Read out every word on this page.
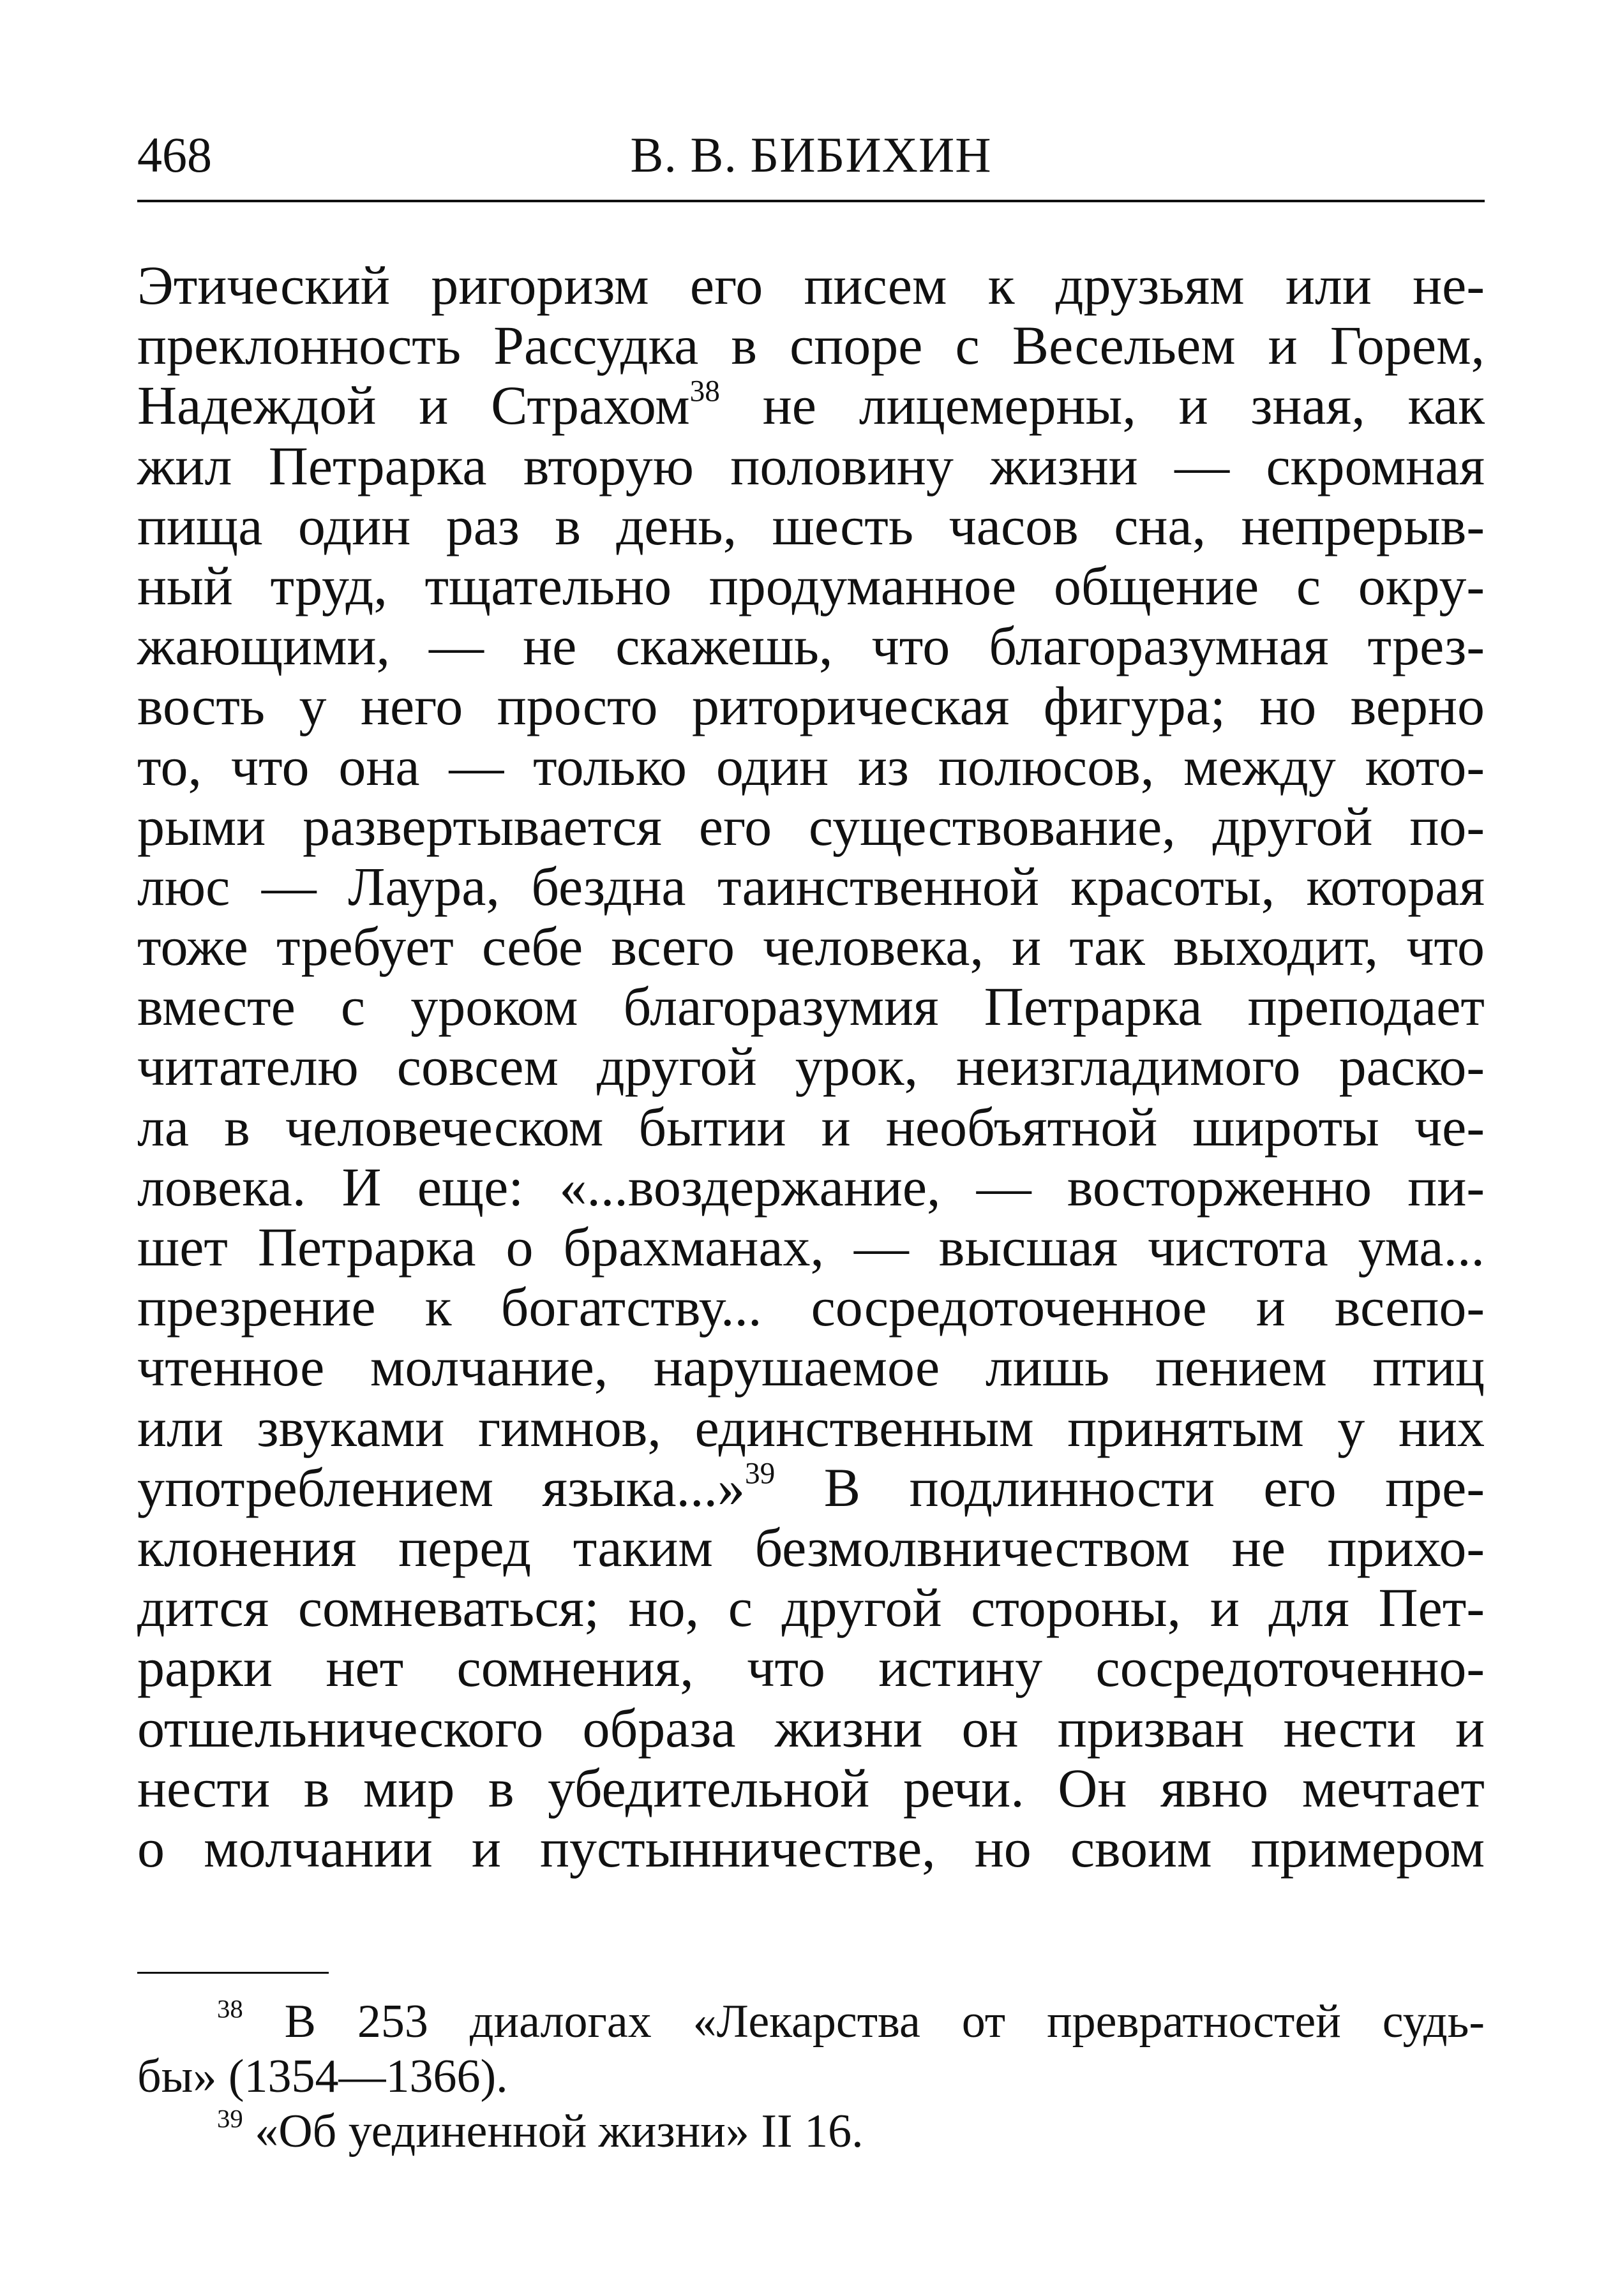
468	В. В. БИБИХИН
Этический ригоризм его писем к друзьям или не-
преклонность Рассудка в споре с Весельем и Горем,
Надеждой и Страхом$^{38}$ не лицемерны, и зная, как
жил Петрарка вторую половину жизни — скромная
пища один раз в день, шесть часов сна, непрерыв-
ный труд, тщательно продуманное общение с окру-
жающими, — не скажешь, что благоразумная трез-
вость у него просто риторическая фигура; но верно
то, что она — только один из полюсов, между кото-
рыми развертывается его существование, другой по-
люс — Лаура, бездна таинственной красоты, которая
тоже требует себе всего человека, и так выходит, что
вместе с уроком благоразумия Петрарка преподает
читателю совсем другой урок, неизгладимого раско-
ла в человеческом бытии и необъятной широты че-
ловека. И еще: «...воздержание, — восторженно пи-
шет Петрарка о брахманах, — высшая чистота ума...
презрение к богатству... сосредоточенное и всепо-
чтенное молчание, нарушаемое лишь пением птиц
или звуками гимнов, единственным принятым у них
употреблением языка...»$^{39}$ В подлинности его пре-
клонения перед таким безмолвничеством не прихо-
дится сомневаться; но, с другой стороны, и для Пет-
рарки нет сомнения, что истину сосредоточенно-
отшельнического образа жизни он призван нести и
нести в мир в убедительной речи. Он явно мечтает
о молчании и пустынничестве, но своим примером
$^{38}$ В 253 диалогах «Лекарства от превратностей судь-
бы» (1354—1366).
$^{39}$ «Об уединенной жизни» II 16.
